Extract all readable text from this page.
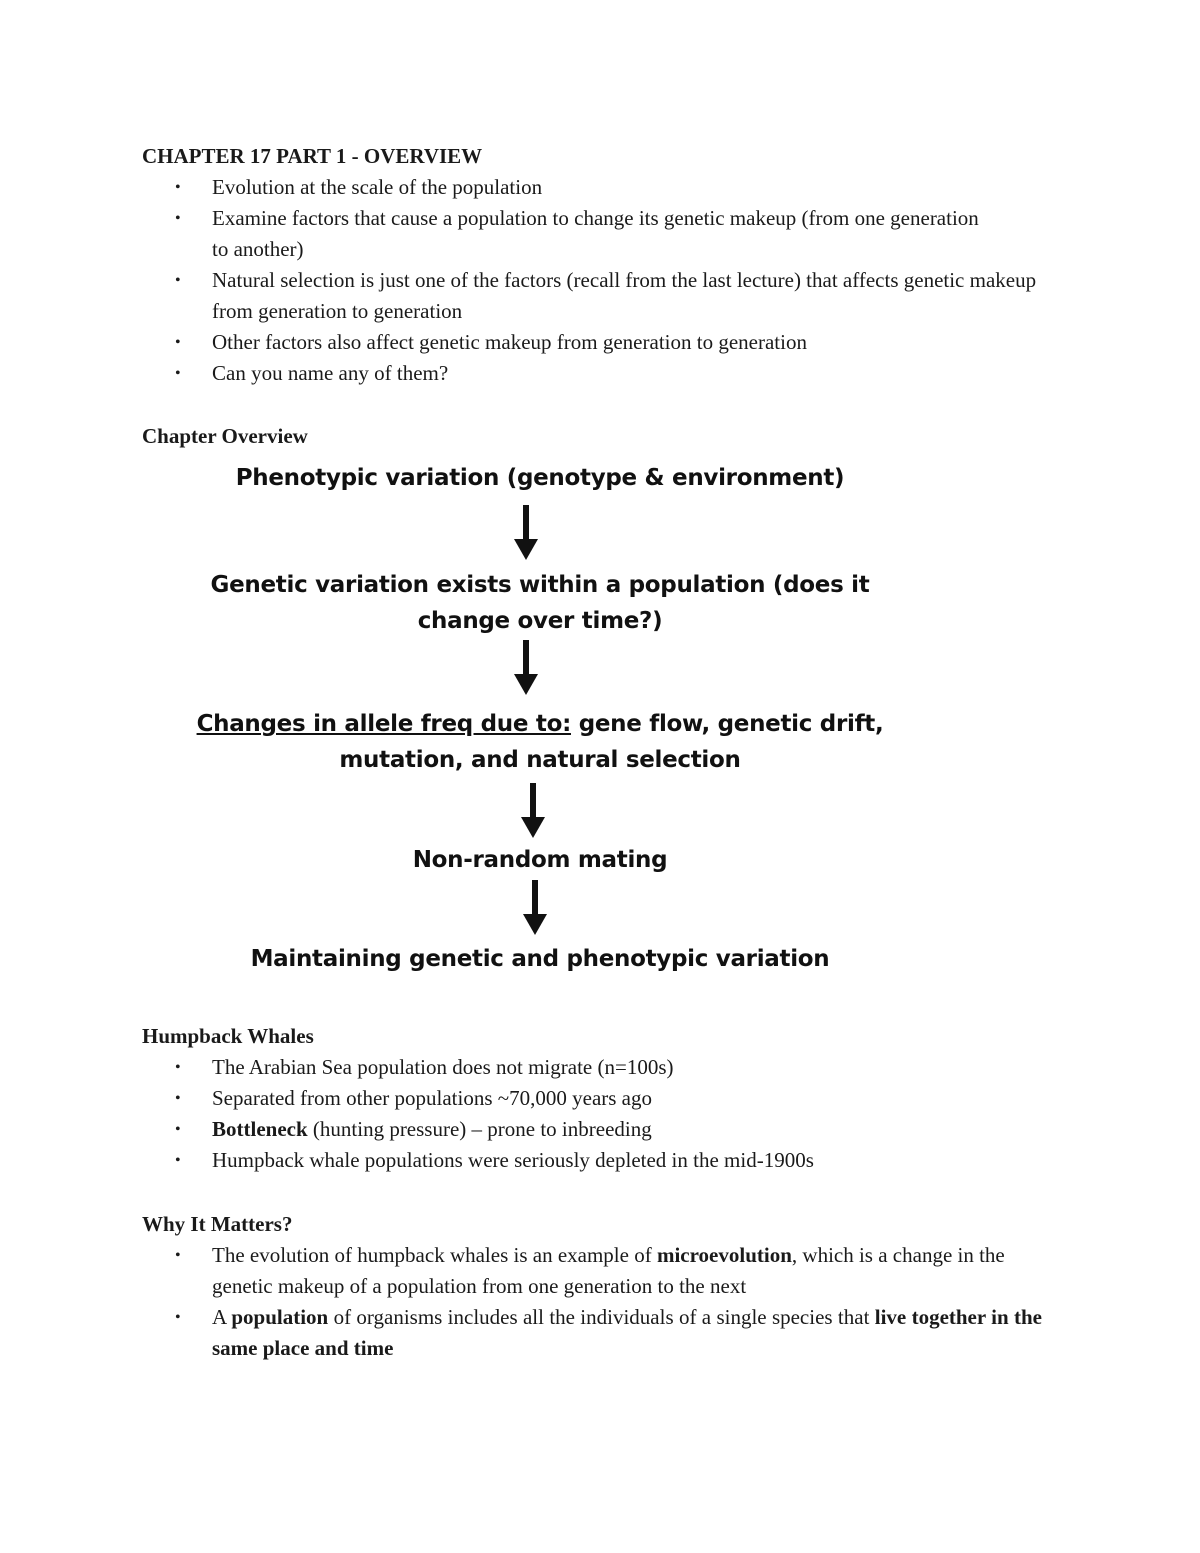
CHAPTER 17 PART 1 - OVERVIEW
• Evolution at the scale of the population
• Examine factors that cause a population to change its genetic makeup (from one generation to another)
• Natural selection is just one of the factors (recall from the last lecture) that affects genetic makeup from generation to generation
• Other factors also affect genetic makeup from generation to generation
• Can you name any of them?
Chapter Overview
Phenotypic variation (genotype & environment)
Genetic variation exists within a population (does it change over time?)
Changes in allele freq due to: gene flow, genetic drift, mutation, and natural selection
Non-random mating
Maintaining genetic and phenotypic variation
Humpback Whales
• The Arabian Sea population does not migrate (n=100s)
• Separated from other populations ~70,000 years ago
• Bottleneck (hunting pressure) – prone to inbreeding
• Humpback whale populations were seriously depleted in the mid-1900s
Why It Matters?
• The evolution of humpback whales is an example of microevolution, which is a change in the genetic makeup of a population from one generation to the next
• A population of organisms includes all the individuals of a single species that live together in the same place and time
